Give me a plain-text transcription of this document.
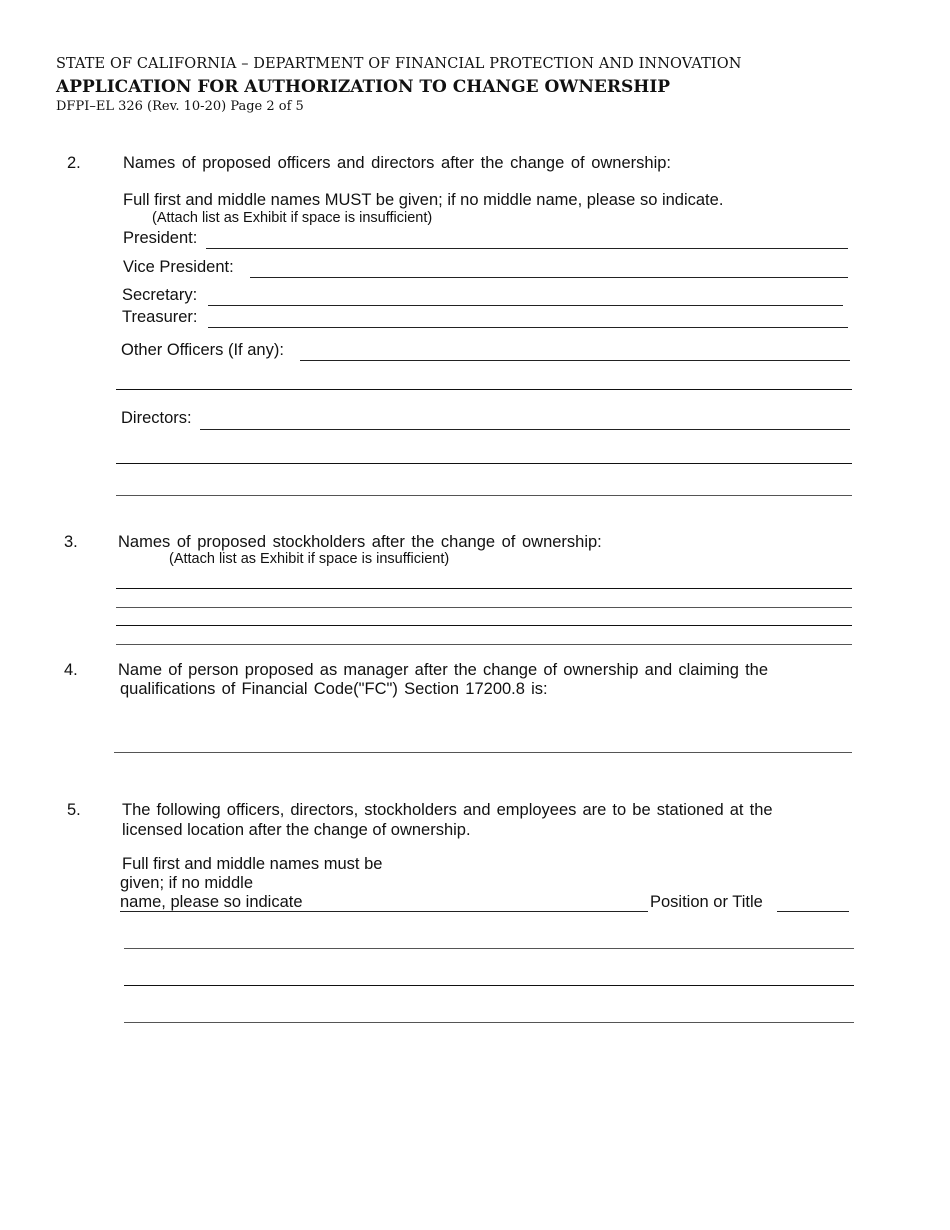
STATE OF CALIFORNIA – DEPARTMENT OF FINANCIAL PROTECTION AND INNOVATION
APPLICATION FOR AUTHORIZATION TO CHANGE OWNERSHIP
DFPI–EL 326 (Rev. 10-20) Page 2 of 5
2.	Names of proposed officers and directors after the change of ownership:
Full first and middle names MUST be given; if no middle name, please so indicate.
(Attach list as Exhibit if space is insufficient)
President:
Vice President:
Secretary:
Treasurer:
Other Officers (If any):
Directors:
3. Names of proposed stockholders after the change of ownership:
(Attach list as Exhibit if space is insufficient)
4. Name of person proposed as manager after the change of ownership and claiming the
qualifications of Financial Code("FC") Section 17200.8 is:
5. The following officers, directors, stockholders and employees are to be stationed at the
licensed location after the change of ownership.
Full first and middle names must be
given; if no middle
name, please so indicate	Position or Title
